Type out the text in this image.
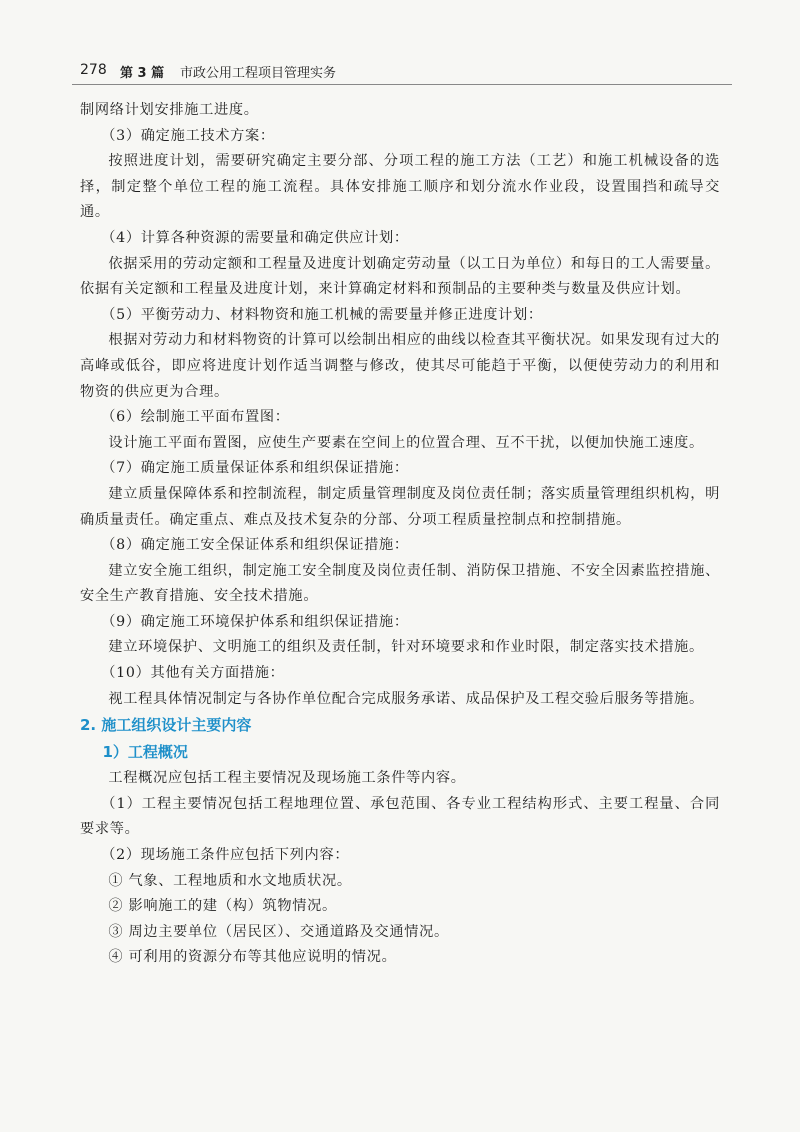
278 第 3 篇 市政公用工程项目管理实务

制网络计划安排施工进度。

（3）确定施工技术方案：

按照进度计划，需要研究确定主要分部、分项工程的施工方法（工艺）和施工机械设备的选择，制定整个单位工程的施工流程。具体安排施工顺序和划分流水作业段，设置围挡和疏导交通。

（4）计算各种资源的需要量和确定供应计划：

依据采用的劳动定额和工程量及进度计划确定劳动量（以工日为单位）和每日的工人需要量。依据有关定额和工程量及进度计划，来计算确定材料和预制品的主要种类与数量及供应计划。

（5）平衡劳动力、材料物资和施工机械的需要量并修正进度计划：

根据对劳动力和材料物资的计算可以绘制出相应的曲线以检查其平衡状况。如果发现有过大的高峰或低谷，即应将进度计划作适当调整与修改，使其尽可能趋于平衡，以便使劳动力的利用和物资的供应更为合理。

（6）绘制施工平面布置图：

设计施工平面布置图，应使生产要素在空间上的位置合理、互不干扰，以便加快施工速度。

（7）确定施工质量保证体系和组织保证措施：

建立质量保障体系和控制流程，制定质量管理制度及岗位责任制；落实质量管理组织机构，明确质量责任。确定重点、难点及技术复杂的分部、分项工程质量控制点和控制措施。

（8）确定施工安全保证体系和组织保证措施：

建立安全施工组织，制定施工安全制度及岗位责任制、消防保卫措施、不安全因素监控措施、安全生产教育措施、安全技术措施。

（9）确定施工环境保护体系和组织保证措施：

建立环境保护、文明施工的组织及责任制，针对环境要求和作业时限，制定落实技术措施。

（10）其他有关方面措施：

视工程具体情况制定与各协作单位配合完成服务承诺、成品保护及工程交验后服务等措施。

2. 施工组织设计主要内容
1）工程概况

工程概况应包括工程主要情况及现场施工条件等内容。

（1）工程主要情况包括工程地理位置、承包范围、各专业工程结构形式、主要工程量、合同要求等。

（2）现场施工条件应包括下列内容：

① 气象、工程地质和水文地质状况。

② 影响施工的建（构）筑物情况。

③ 周边主要单位（居民区）、交通道路及交通情况。

④ 可利用的资源分布等其他应说明的情况。
